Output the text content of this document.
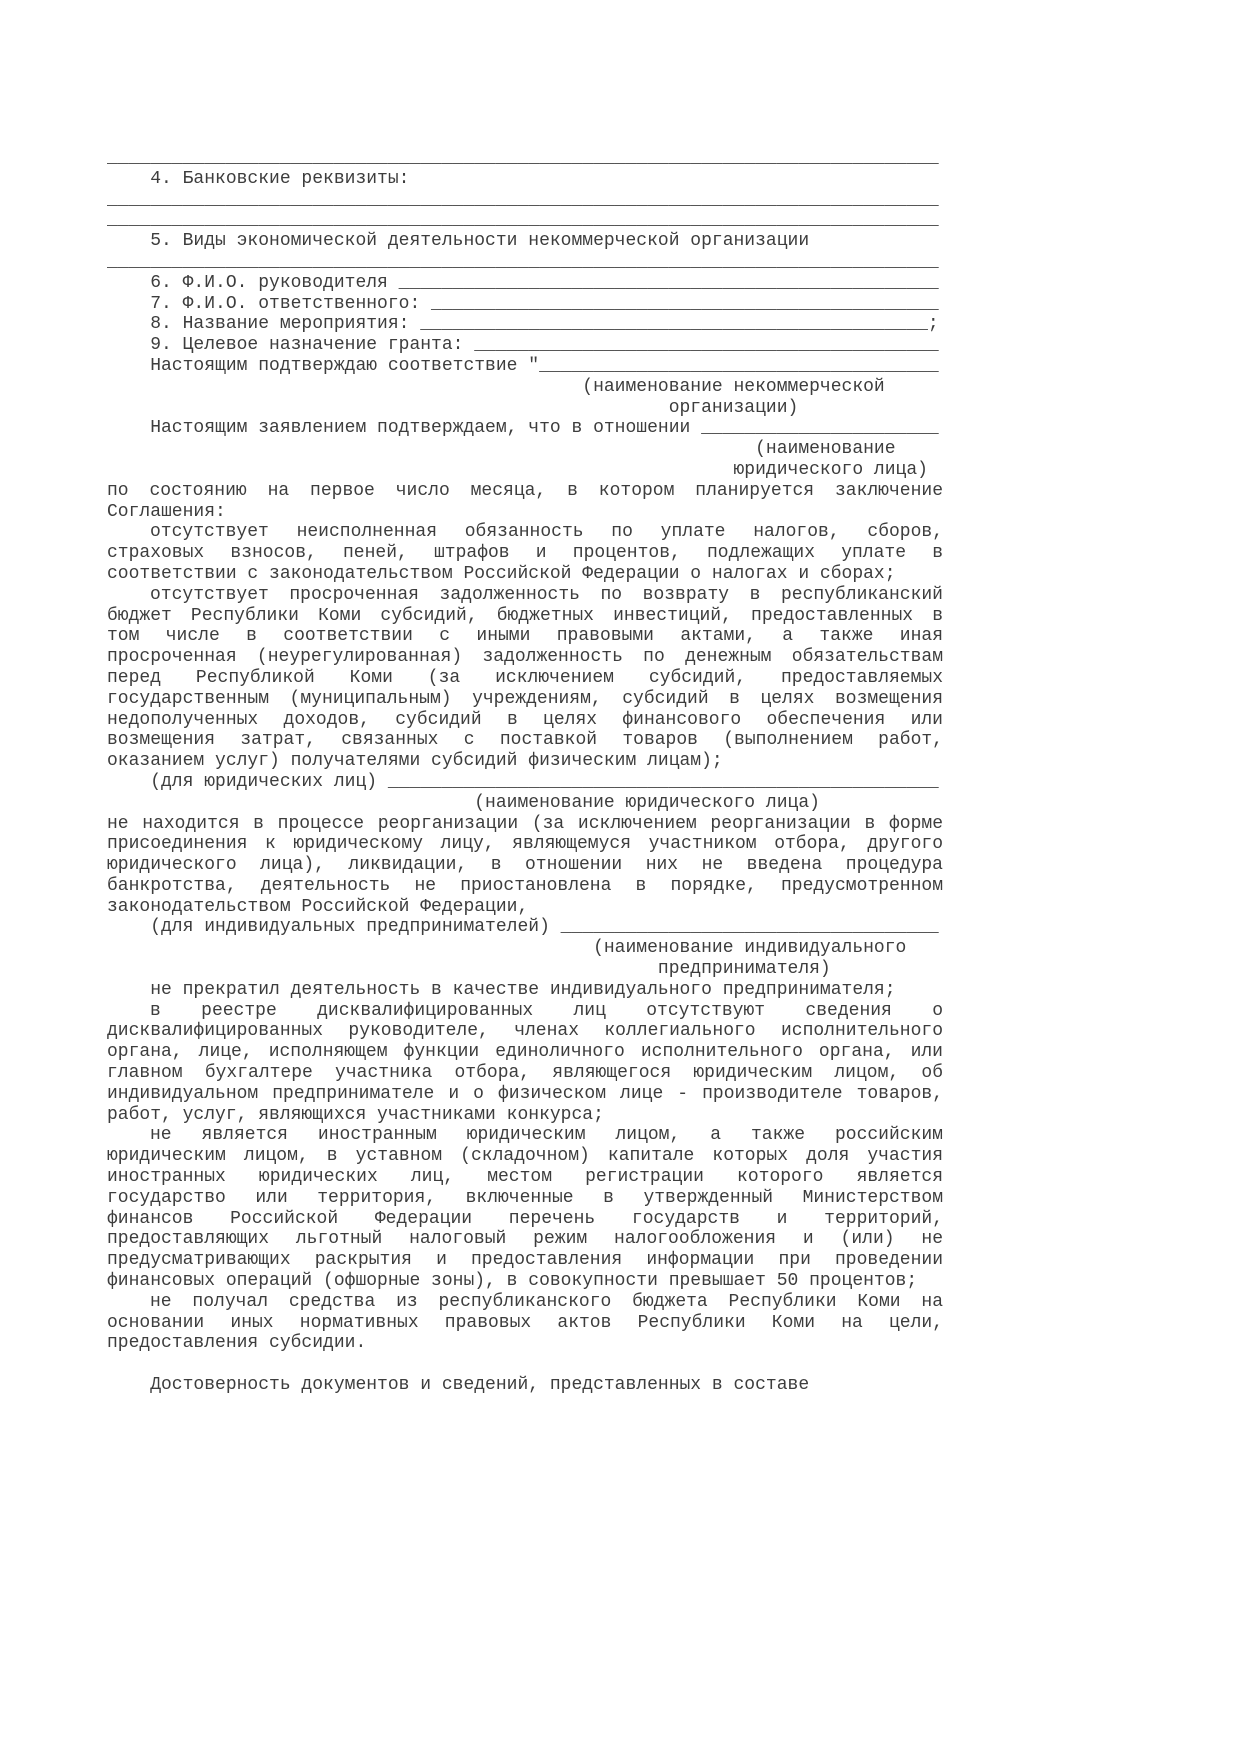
_____________________________________________________________________________
4. Банковские реквизиты:
_____________________________________________________________________________
_____________________________________________________________________________
5. Виды экономической деятельности некоммерческой организации
_____________________________________________________________________________
6. Ф.И.О. руководителя __________________________________________________
7. Ф.И.О. ответственного: _______________________________________________
8. Название мероприятия: _______________________________________________;
9. Целевое назначение гранта: ___________________________________________
Настоящим подтверждаю соответствие "_____________________________________
(наименование некоммерческой
организации)
Настоящим заявлением подтверждаем, что в отношении ______________________
(наименование
юридического лица)
по состоянию на первое число месяца, в котором планируется заключение
Соглашения:
отсутствует неисполненная обязанность по уплате налогов, сборов,
страховых взносов, пеней, штрафов и процентов, подлежащих уплате в
соответствии с законодательством Российской Федерации о налогах и сборах;
отсутствует просроченная задолженность по возврату в республиканский
бюджет Республики Коми субсидий, бюджетных инвестиций, предоставленных в
том числе в соответствии с иными правовыми актами, а также иная
просроченная (неурегулированная) задолженность по денежным обязательствам
перед Республикой Коми (за исключением субсидий, предоставляемых
государственным (муниципальным) учреждениям, субсидий в целях возмещения
недополученных доходов, субсидий в целях финансового обеспечения или
возмещения затрат, связанных с поставкой товаров (выполнением работ,
оказанием услуг) получателями субсидий физическим лицам);
(для юридических лиц) ___________________________________________________
(наименование юридического лица)
не находится в процессе реорганизации (за исключением реорганизации в форме
присоединения к юридическому лицу, являющемуся участником отбора, другого
юридического лица), ликвидации, в отношении них не введена процедура
банкротства, деятельность не приостановлена в порядке, предусмотренном
законодательством Российской Федерации,
(для индивидуальных предпринимателей) ___________________________________
(наименование индивидуального
предпринимателя)
не прекратил деятельность в качестве индивидуального предпринимателя;
в реестре дисквалифицированных лиц отсутствуют сведения о
дисквалифицированных руководителе, членах коллегиального исполнительного
органа, лице, исполняющем функции единоличного исполнительного органа, или
главном бухгалтере участника отбора, являющегося юридическим лицом, об
индивидуальном предпринимателе и о физическом лице - производителе товаров,
работ, услуг, являющихся участниками конкурса;
не является иностранным юридическим лицом, а также российским
юридическим лицом, в уставном (складочном) капитале которых доля участия
иностранных юридических лиц, местом регистрации которого является
государство или территория, включенные в утвержденный Министерством
финансов Российской Федерации перечень государств и территорий,
предоставляющих льготный налоговый режим налогообложения и (или) не
предусматривающих раскрытия и предоставления информации при проведении
финансовых операций (офшорные зоны), в совокупности превышает 50 процентов;
не получал средства из республиканского бюджета Республики Коми на
основании иных нормативных правовых актов Республики Коми на цели,
предоставления субсидии.
Достоверность документов и сведений, представленных в составе
